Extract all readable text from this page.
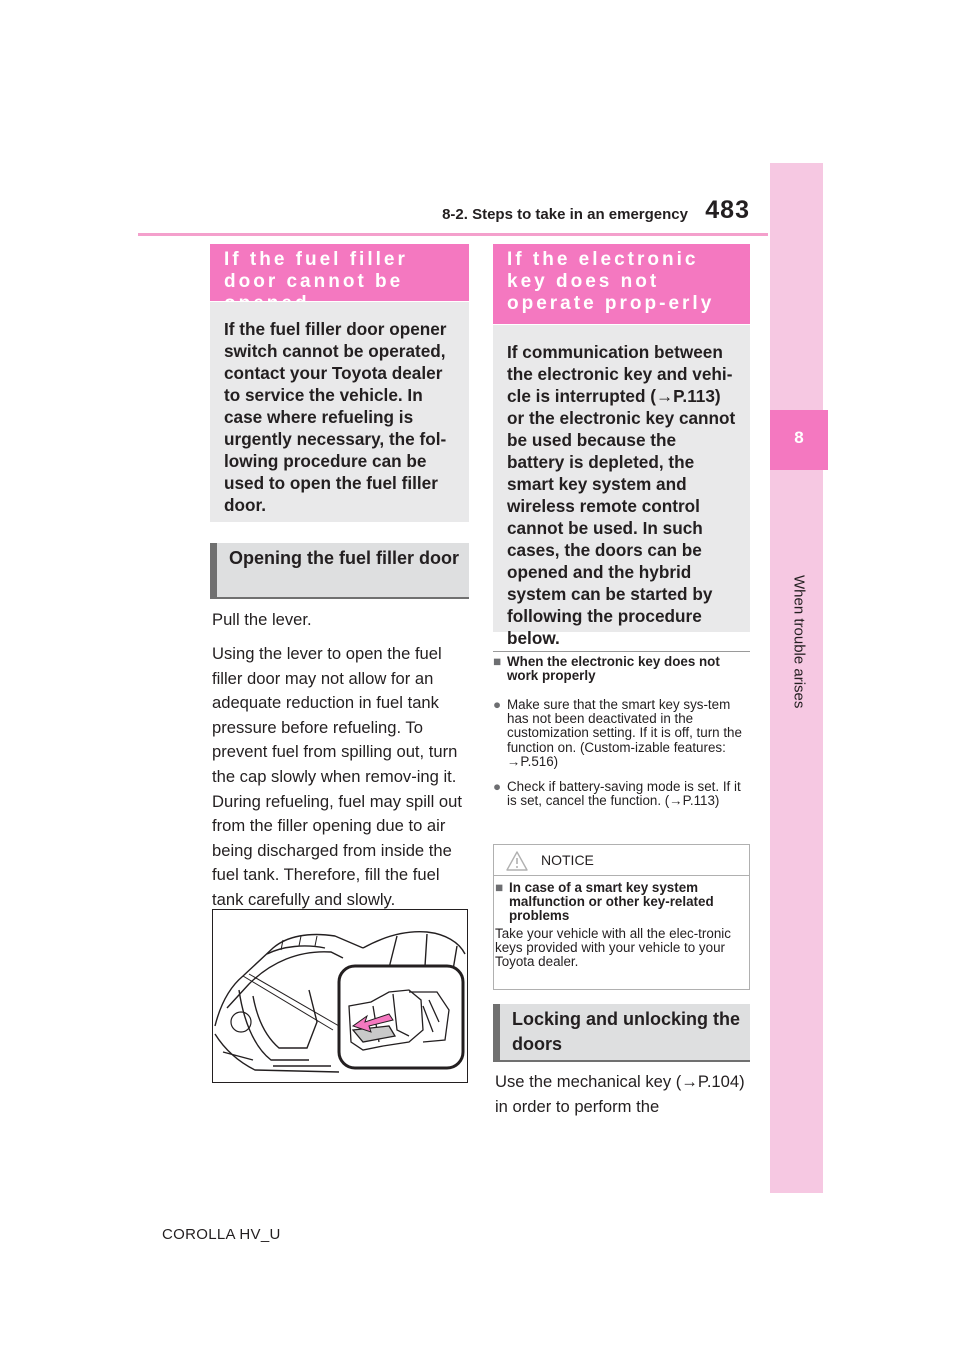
8-2. Steps to take in an emergency 483
8
When trouble arises
If the fuel filler door cannot be
If the fuel filler door opener switch cannot be operated, contact your Toyota dealer to service the vehicle. In case where refueling is urgently necessary, the fol-lowing procedure can be used to open the fuel filler door.
Opening the fuel filler door
Pull the lever.
Using the lever to open the fuel filler door may not allow for an adequate reduction in fuel tank pressure before refueling. To prevent fuel from spilling out, turn the cap slowly when remov-ing it. During refueling, fuel may spill out from the filler opening due to air being discharged from inside the fuel tank. Therefore, fill the fuel tank carefully and slowly.
If the electronic key does not operate prop-erly
If communication between the electronic key and vehi-cle is interrupted (→P.113) or the electronic key cannot be used because the battery is depleted, the smart key system and wireless remote control cannot be used. In such cases, the doors can be opened and the hybrid system can be started by following the procedure below.
■ When the electronic key does not work properly
● Make sure that the smart key sys-tem has not been deactivated in the customization setting. If it is off, turn the function on. (Custom-izable features: →P.516)
● Check if battery-saving mode is set. If it is set, cancel the function. (→P.113)
NOTICE
■ In case of a smart key system malfunction or other key-related problems
Take your vehicle with all the elec-tronic keys provided with your vehicle to your Toyota dealer.
Locking and unlocking the doors
Use the mechanical key (→P.104) in order to perform the
COROLLA HV_U
